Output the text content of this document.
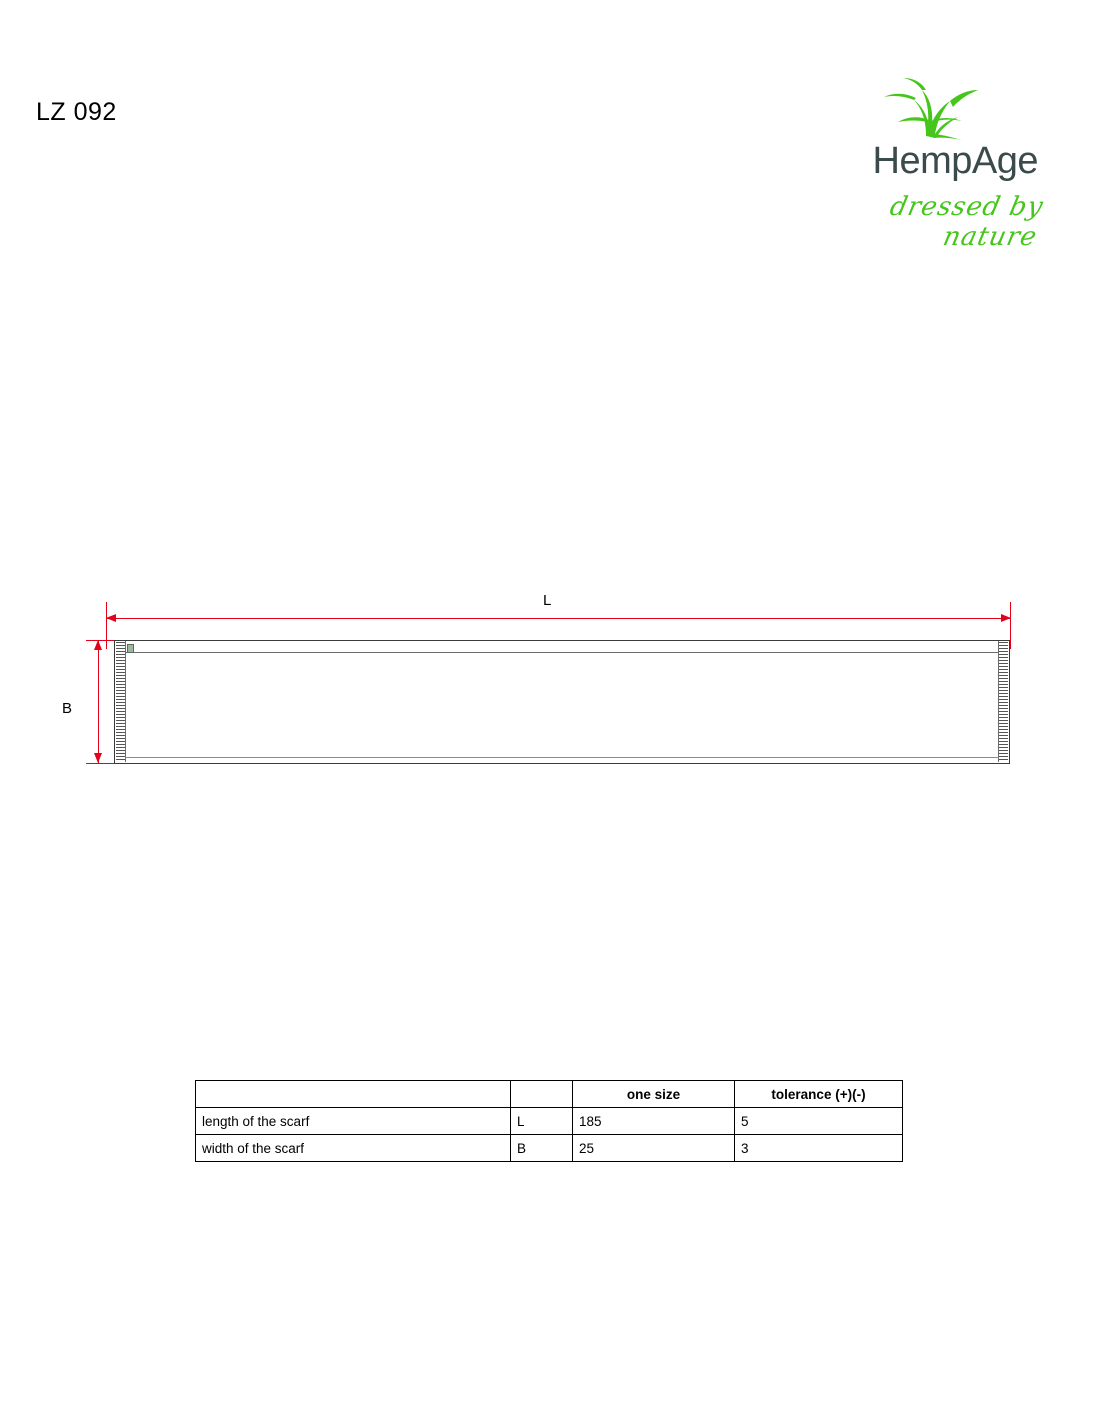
LZ 092
HempAge
dressed by nature
L
B
		one size	tolerance (+)(-)
length of the scarf	L	185	5
width of the scarf	B	25	3
